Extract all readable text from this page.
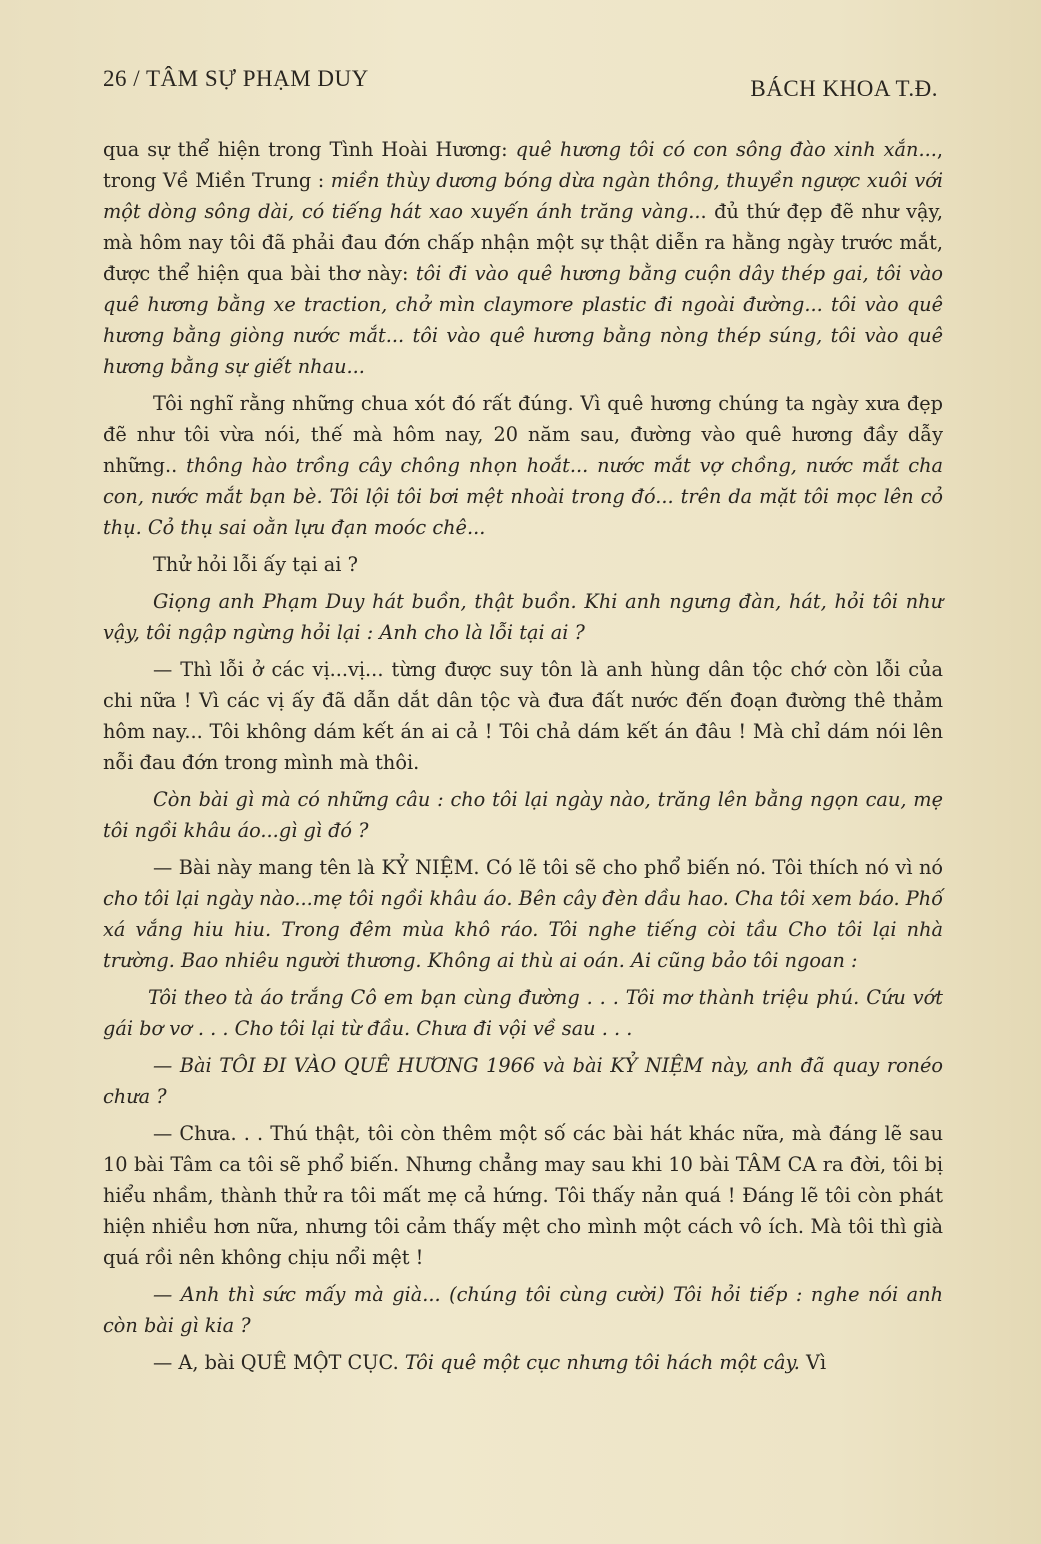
26 / TÂM SỰ PHẠM DUY	BÁCH KHOA T.Đ.

qua sự thể hiện trong Tình Hoài Hương: quê hương tôi có con sông đào xinh xắn..., trong Về Miền Trung : miền thùy dương bóng dừa ngàn thông, thuyền ngược xuôi với một dòng sông dài, có tiếng hát xao xuyến ánh trăng vàng... đủ thứ đẹp đẽ như vậy, mà hôm nay tôi đã phải đau đớn chấp nhận một sự thật diễn ra hằng ngày trước mắt, được thể hiện qua bài thơ này: tôi đi vào quê hương bằng cuộn dây thép gai, tôi vào quê hương bằng xe traction, chở mìn claymore plastic đi ngoài đường... tôi vào quê hương bằng giòng nước mắt... tôi vào quê hương bằng nòng thép súng, tôi vào quê hương bằng sự giết nhau...

Tôi nghĩ rằng những chua xót đó rất đúng. Vì quê hương chúng ta ngày xưa đẹp đẽ như tôi vừa nói, thế mà hôm nay, 20 năm sau, đường vào quê hương đầy dẫy những.. thông hào trồng cây chông nhọn hoắt... nước mắt vợ chồng, nước mắt cha con, nước mắt bạn bè. Tôi lội tôi bơi mệt nhoài trong đó... trên da mặt tôi mọc lên cỏ thụ. Cỏ thụ sai oằn lựu đạn moóc chê...

Thử hỏi lỗi ấy tại ai ?

Giọng anh Phạm Duy hát buồn, thật buồn. Khi anh ngưng đàn, hát, hỏi tôi như vậy, tôi ngập ngừng hỏi lại : Anh cho là lỗi tại ai ?

— Thì lỗi ở các vị...vị... từng được suy tôn là anh hùng dân tộc chớ còn lỗi của chi nữa ! Vì các vị ấy đã dẫn dắt dân tộc và đưa đất nước đến đoạn đường thê thảm hôm nay... Tôi không dám kết án ai cả ! Tôi chả dám kết án đâu ! Mà chỉ dám nói lên nỗi đau đớn trong mình mà thôi.

Còn bài gì mà có những câu : cho tôi lại ngày nào, trăng lên bằng ngọn cau, mẹ tôi ngồi khâu áo...gì gì đó ?

— Bài này mang tên là KỶ NIỆM. Có lẽ tôi sẽ cho phổ biến nó. Tôi thích nó vì nó cho tôi lại ngày nào...mẹ tôi ngồi khâu áo. Bên cây đèn dầu hao. Cha tôi xem báo. Phố xá vắng hiu hiu. Trong đêm mùa khô ráo. Tôi nghe tiếng còi tầu Cho tôi lại nhà trường. Bao nhiêu người thương. Không ai thù ai oán. Ai cũng bảo tôi ngoan :

Tôi theo tà áo trắng Cô em bạn cùng đường . . . Tôi mơ thành triệu phú. Cứu vớt gái bơ vơ . . . Cho tôi lại từ đầu. Chưa đi vội về sau . . .

— Bài TÔI ĐI VÀO QUÊ HƯƠNG 1966 và bài KỶ NIỆM này, anh đã quay ronéo chưa ?

— Chưa. . . Thú thật, tôi còn thêm một số các bài hát khác nữa, mà đáng lẽ sau 10 bài Tâm ca tôi sẽ phổ biến. Nhưng chẳng may sau khi 10 bài TÂM CA ra đời, tôi bị hiểu nhầm, thành thử ra tôi mất mẹ cả hứng. Tôi thấy nản quá ! Đáng lẽ tôi còn phát hiện nhiều hơn nữa, nhưng tôi cảm thấy mệt cho mình một cách vô ích. Mà tôi thì già quá rồi nên không chịu nổi mệt !

— Anh thì sức mấy mà già... (chúng tôi cùng cười) Tôi hỏi tiếp : nghe nói anh còn bài gì kia ?

— A, bài QUÊ MỘT CỤC. Tôi quê một cục nhưng tôi hách một cây. Vì
